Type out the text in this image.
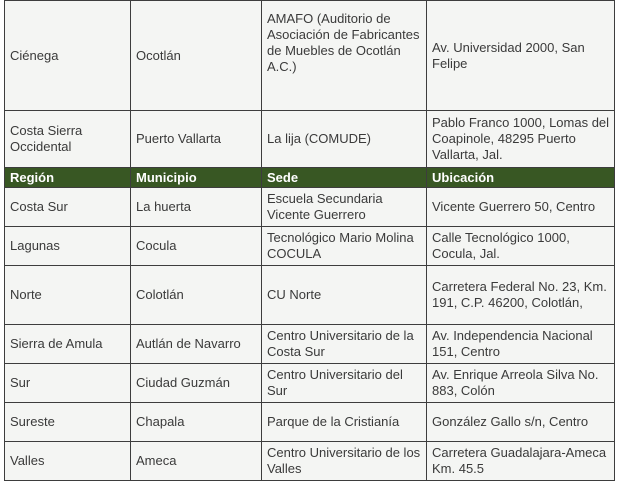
Ciénega	Ocotlán	AMAFO (Auditorio de Asociación de Fabricantes de Muebles de Ocotlán A.C.)	Av. Universidad 2000, San Felipe
Costa Sierra Occidental	Puerto Vallarta	La lija (COMUDE)	Pablo Franco 1000, Lomas del Coapinole, 48295 Puerto Vallarta, Jal.
Región	Municipio	Sede	Ubicación
Costa Sur	La huerta	Escuela Secundaria Vicente Guerrero	Vicente Guerrero 50, Centro
Lagunas	Cocula	Tecnológico Mario Molina COCULA	Calle Tecnológico 1000, Cocula, Jal.
Norte	Colotlán	CU Norte	Carretera Federal No. 23, Km. 191, C.P. 46200, Colotlán,
Sierra de Amula	Autlán de Navarro	Centro Universitario de la Costa Sur	Av. Independencia Nacional 151, Centro
Sur	Ciudad Guzmán	Centro Universitario del Sur	Av. Enrique Arreola Silva No. 883, Colón
Sureste	Chapala	Parque de la Cristianía	González Gallo s/n, Centro
Valles	Ameca	Centro Universitario de los Valles	Carretera Guadalajara-Ameca Km. 45.5
